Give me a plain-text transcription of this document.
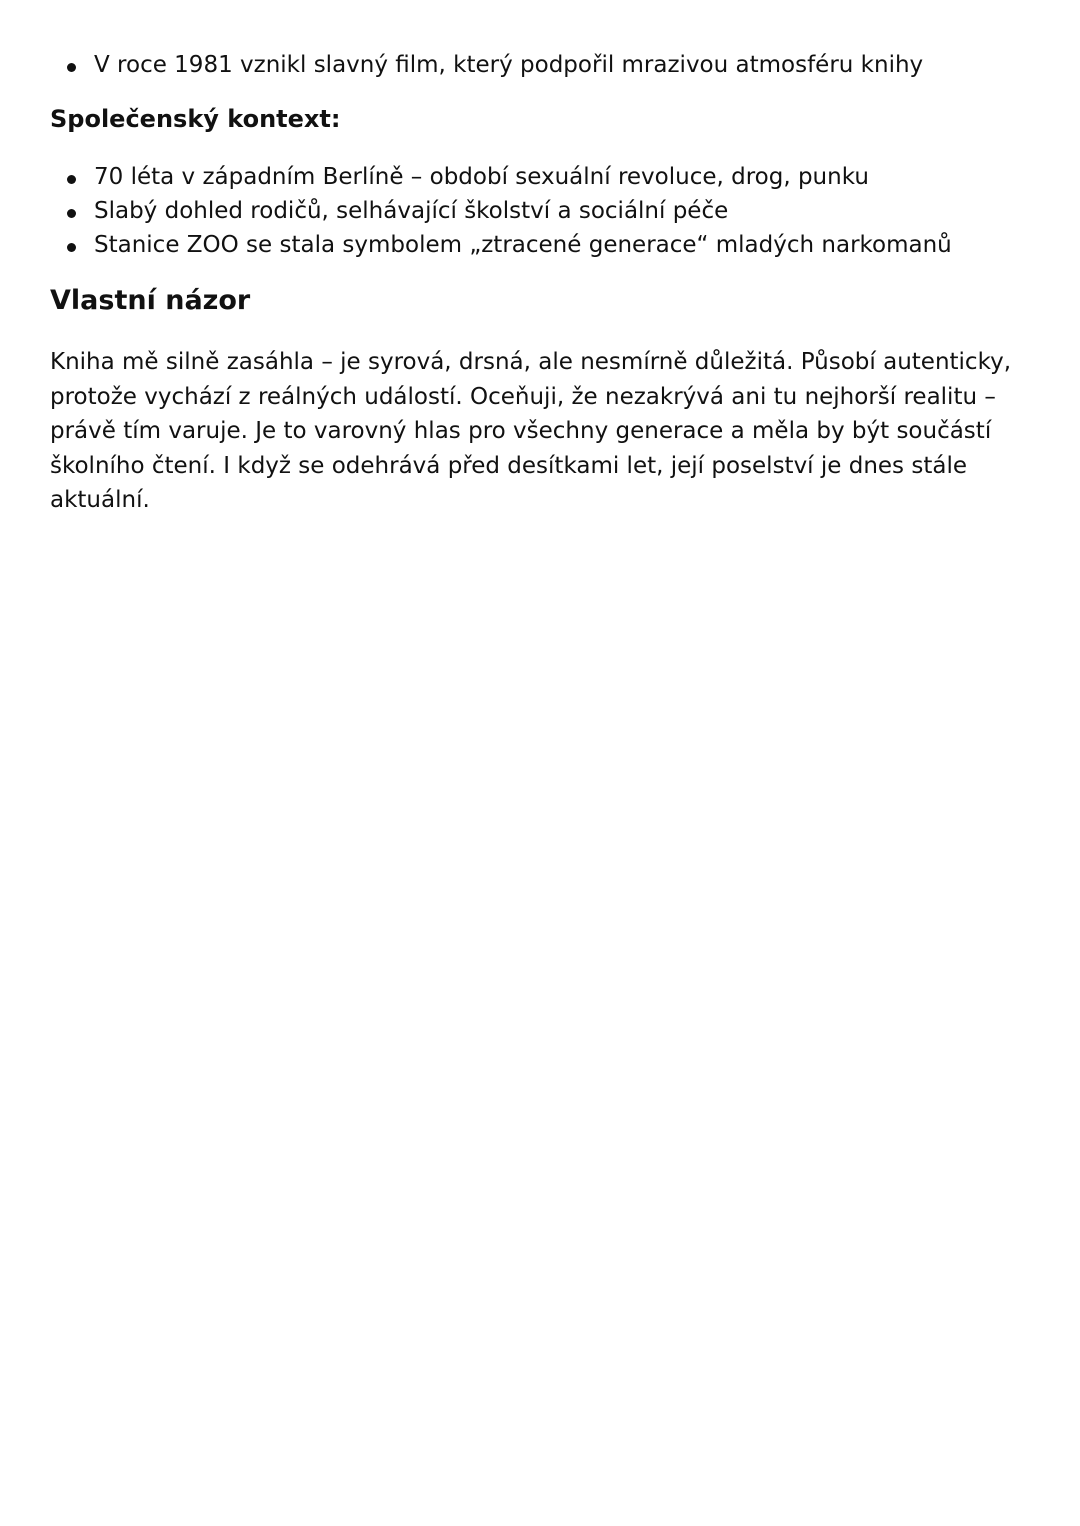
V roce 1981 vznikl slavný film, který podpořil mrazivou atmosféru knihy
Společenský kontext:
70 léta v západním Berlíně – období sexuální revoluce, drog, punku
Slabý dohled rodičů, selhávající školství a sociální péče
Stanice ZOO se stala symbolem „ztracené generace“ mladých narkomanů
Vlastní názor

Kniha mě silně zasáhla – je syrová, drsná, ale nesmírně důležitá. Působí autenticky, protože vychází z reálných událostí. Oceňuji, že nezakrývá ani tu nejhorší realitu – právě tím varuje. Je to varovný hlas pro všechny generace a měla by být součástí školního čtení. I když se odehrává před desítkami let, její poselství je dnes stále aktuální.
